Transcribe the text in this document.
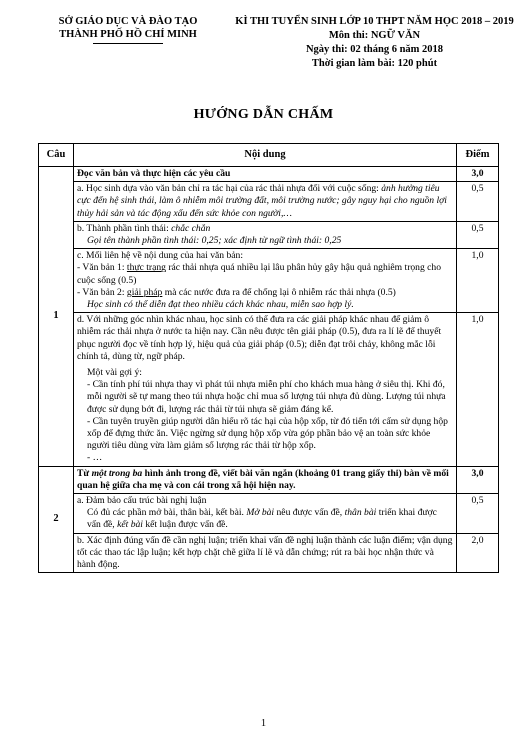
SỞ GIÁO DỤC VÀ ĐÀO TẠO
THÀNH PHỐ HỒ CHÍ MINH
KÌ THI TUYỂN SINH LỚP 10 THPT NĂM HỌC 2018 – 2019
Môn thi: NGỮ VĂN
Ngày thi: 02 tháng 6 năm 2018
Thời gian làm bài: 120 phút
HƯỚNG DẪN CHẤM
Câu	Nội dung	Điểm
1	Đọc văn bản và thực hiện các yêu cầu	3,0
	a. Học sinh dựa vào văn bản chỉ ra tác hại của rác thải nhựa đối với cuộc sống: ảnh hưởng tiêu cực đến hệ sinh thái, làm ô nhiễm môi trường đất, môi trường nước; gây nguy hại cho nguồn lợi thủy hải sản và tác động xấu đến sức khỏe con người,…	0,5
	b. Thành phần tình thái: chắc chắn
Gọi tên thành phần tình thái: 0,25; xác định từ ngữ tình thái: 0,25	0,5

	c. Mối liên hệ về nội dung của hai văn bản:

- Văn bản 1: thực trạng rác thải nhựa quá nhiều lại lâu phân hủy gây hậu quả nghiêm trọng cho cuộc sống (0.5)

- Văn bản 2: giải pháp mà các nước đưa ra để chống lại ô nhiễm rác thải nhựa (0.5)

Học sinh có thể diễn đạt theo nhiều cách khác nhau, miễn sao hợp lý.	1,0

	d. Với những góc nhìn khác nhau, học sinh có thể đưa ra các giải pháp khác nhau để giảm ô nhiễm rác thải nhựa ở nước ta hiện nay. Cần nêu được tên giải pháp (0.5), đưa ra lí lẽ để thuyết phục người đọc về tính hợp lý, hiệu quả của giải pháp (0.5); diễn đạt trôi chảy, không mắc lỗi chính tả, dùng từ, ngữ pháp.

Một vài gợi ý:

- Cần tính phí túi nhựa thay vì phát túi nhựa miễn phí cho khách mua hàng ở siêu thị. Khi đó, mỗi người sẽ tự mang theo túi nhựa hoặc chỉ mua số lượng túi nhựa đủ dùng. Lượng túi nhựa được sử dụng bớt đi, lượng rác thải từ túi nhựa sẽ giảm đáng kể.

- Cần tuyên truyền giúp người dân hiểu rõ tác hại của hộp xốp, từ đó tiến tới cấm sử dụng hộp xốp để đựng thức ăn. Việc ngừng sử dụng hộp xốp vừa góp phần bảo vệ an toàn sức khỏe người tiêu dùng vừa làm giảm số lượng rác thải từ hộp xốp.

- …	1,0
2	Từ một trong ba hình ảnh trong đề, viết bài văn ngắn (khoảng 01 trang giấy thi) bàn về mối quan hệ giữa cha mẹ và con cái trong xã hội hiện nay.	3,0

	a. Đảm bảo cấu trúc bài nghị luận

Có đủ các phần mở bài, thân bài, kết bài. Mở bài nêu được vấn đề, thân bài triển khai được vấn đề, kết bài kết luận được vấn đề.	0,5
	b. Xác định đúng vấn đề cần nghị luận; triển khai vấn đề nghị luận thành các luận điểm; vận dụng tốt các thao tác lập luận; kết hợp chặt chẽ giữa lí lẽ và dẫn chứng; rút ra bài học nhận thức và hành động.	2,0
1
